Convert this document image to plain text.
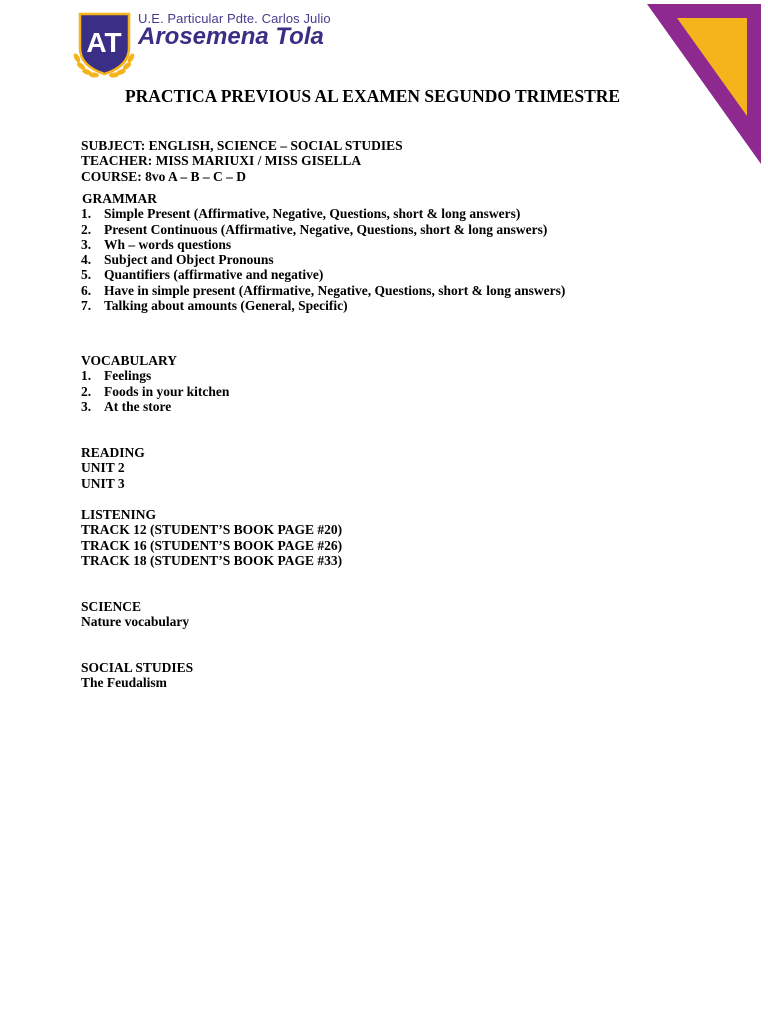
AT
U.E. Particular Pdte. Carlos Julio
Arosemena Tola
PRACTICA PREVIOUS AL EXAMEN SEGUNDO TRIMESTRE
SUBJECT: ENGLISH, SCIENCE – SOCIAL STUDIES
TEACHER: MISS MARIUXI / MISS GISELLA
COURSE: 8vo A – B – C – D
GRAMMAR
1. Simple Present (Affirmative, Negative, Questions, short & long answers)
2. Present Continuous (Affirmative, Negative, Questions, short & long answers)
3. Wh – words questions
4. Subject and Object Pronouns
5. Quantifiers (affirmative and negative)
6. Have in simple present (Affirmative, Negative, Questions, short & long answers)
7. Talking about amounts (General, Specific)
VOCABULARY
1. Feelings
2. Foods in your kitchen
3. At the store
READING
UNIT 2
UNIT 3
LISTENING
TRACK 12 (STUDENT’S BOOK PAGE #20)
TRACK 16 (STUDENT’S BOOK PAGE #26)
TRACK 18 (STUDENT’S BOOK PAGE #33)
SCIENCE
Nature vocabulary
SOCIAL STUDIES
The Feudalism
